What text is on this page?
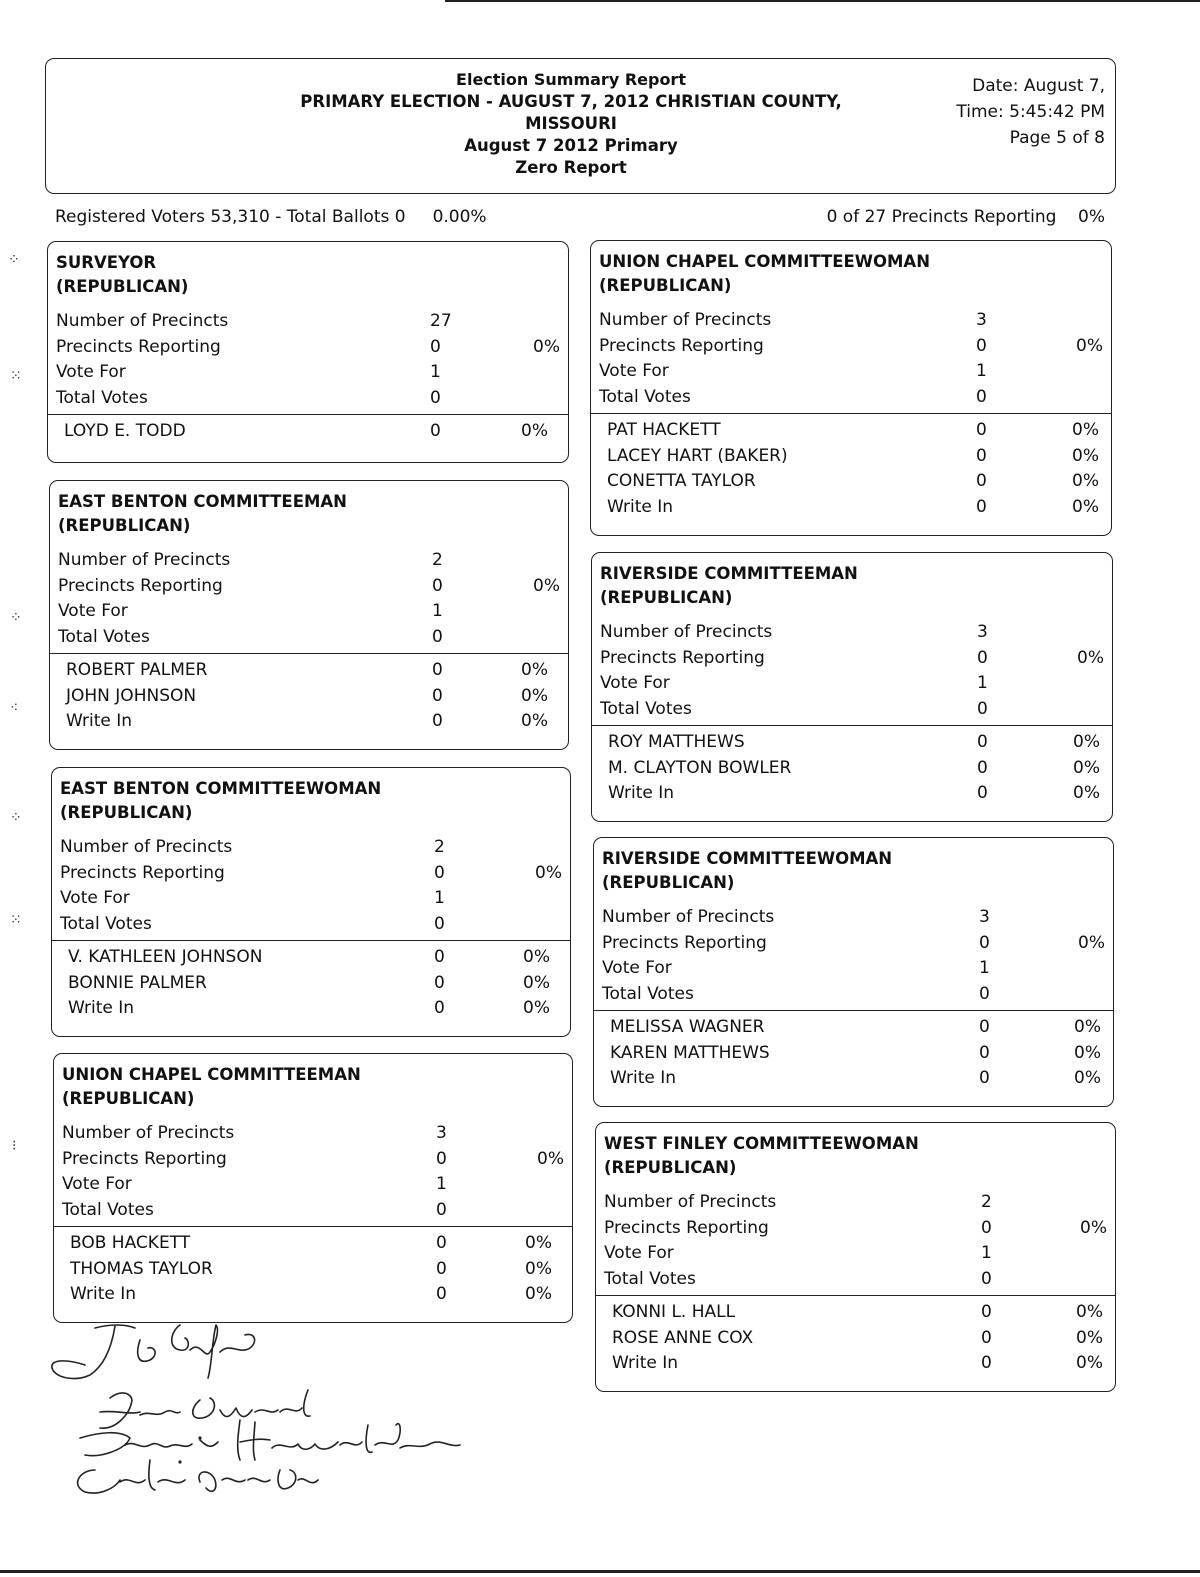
Election Summary Report
PRIMARY ELECTION - AUGUST 7, 2012 CHRISTIAN COUNTY,
MISSOURI
August 7 2012 Primary
Zero Report
Date: August 7,
Time: 5:45:42 PM
Page 5 of 8
Registered Voters 53,310 - Total Ballots 0     0.00%	0 of 27 Precincts Reporting    0%
SURVEYOR
(REPUBLICAN)
Number of Precincts	27
Precincts Reporting	0	0%
Vote For	1
Total Votes	0
LOYD E. TODD	0	0%
EAST BENTON COMMITTEEMAN
(REPUBLICAN)
Number of Precincts	2
Precincts Reporting	0	0%
Vote For	1
Total Votes	0
ROBERT PALMER	0	0%
JOHN JOHNSON	0	0%
Write In	0	0%
EAST BENTON COMMITTEEWOMAN
(REPUBLICAN)
Number of Precincts	2
Precincts Reporting	0	0%
Vote For	1
Total Votes	0
V. KATHLEEN JOHNSON	0	0%
BONNIE PALMER	0	0%
Write In	0	0%
UNION CHAPEL COMMITTEEMAN
(REPUBLICAN)
Number of Precincts	3
Precincts Reporting	0	0%
Vote For	1
Total Votes	0
BOB HACKETT	0	0%
THOMAS TAYLOR	0	0%
Write In	0	0%
UNION CHAPEL COMMITTEEWOMAN
(REPUBLICAN)
Number of Precincts	3
Precincts Reporting	0	0%
Vote For	1
Total Votes	0
PAT HACKETT	0	0%
LACEY HART (BAKER)	0	0%
CONETTA TAYLOR	0	0%
Write In	0	0%
RIVERSIDE COMMITTEEMAN
(REPUBLICAN)
Number of Precincts	3
Precincts Reporting	0	0%
Vote For	1
Total Votes	0
ROY MATTHEWS	0	0%
M. CLAYTON BOWLER	0	0%
Write In	0	0%
RIVERSIDE COMMITTEEWOMAN
(REPUBLICAN)
Number of Precincts	3
Precincts Reporting	0	0%
Vote For	1
Total Votes	0
MELISSA WAGNER	0	0%
KAREN MATTHEWS	0	0%
Write In	0	0%
WEST FINLEY COMMITTEEWOMAN
(REPUBLICAN)
Number of Precincts	2
Precincts Reporting	0	0%
Vote For	1
Total Votes	0
KONNI L. HALL	0	0%
ROSE ANNE COX	0	0%
Write In	0	0%
⁘
⁙
⁘
⁖
⁘
⁙
⁝
